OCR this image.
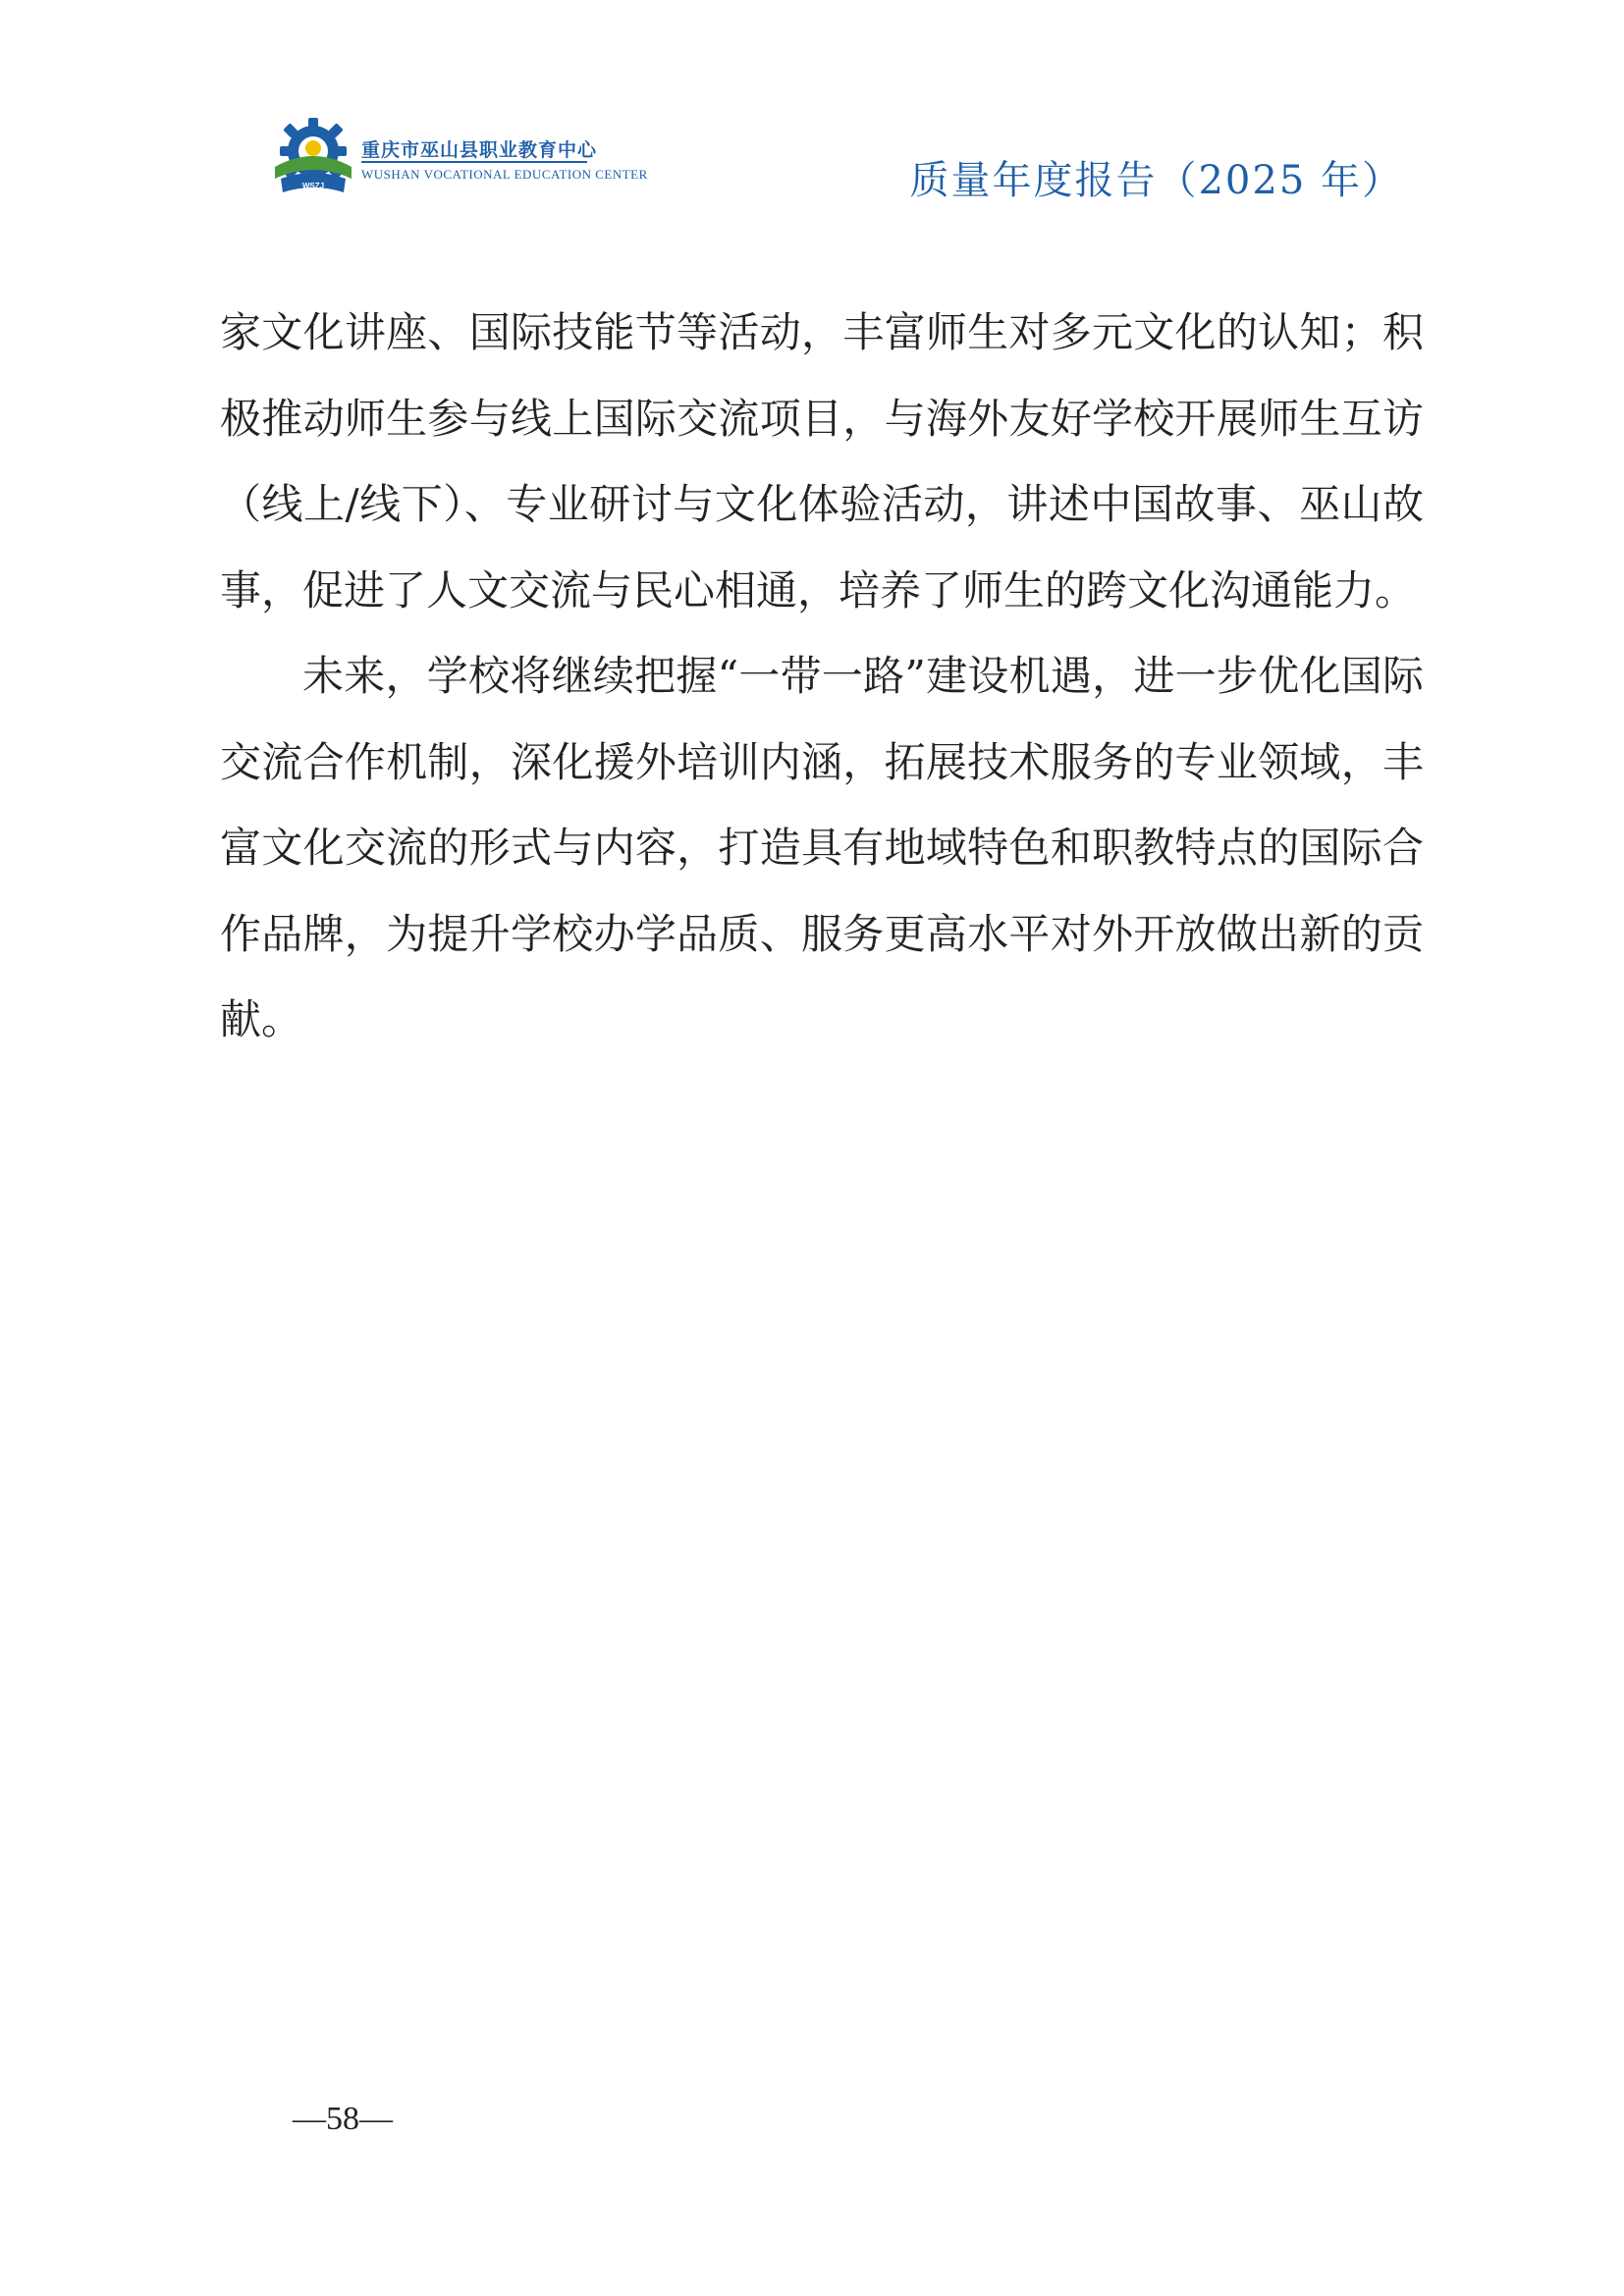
WSZJ
重庆市巫山县职业教育中心
WUSHAN VOCATIONAL EDUCATION CENTER	质量年度报告（2025 年）

家文化讲座、国际技能节等活动，丰富师生对多元文化的认知；积极推动师生参与线上国际交流项目，与海外友好学校开展师生互访（线上/线下）、专业研讨与文化体验活动，讲述中国故事、巫山故事，促进了人文交流与民心相通，培养了师生的跨文化沟通能力。

未来，学校将继续把握“一带一路”建设机遇，进一步优化国际交流合作机制，深化援外培训内涵，拓展技术服务的专业领域，丰富文化交流的形式与内容，打造具有地域特色和职教特点的国际合作品牌，为提升学校办学品质、服务更高水平对外开放做出新的贡献。

—58—
